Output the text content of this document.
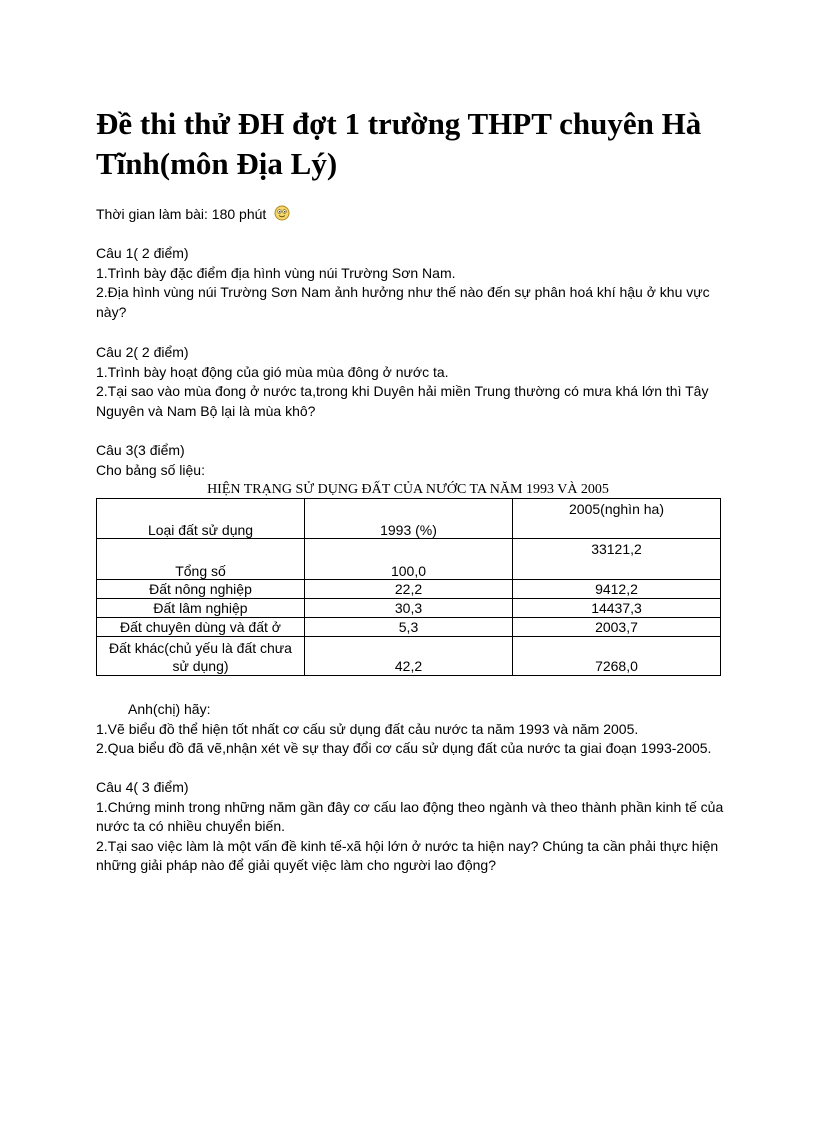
Đề thi thử ĐH đợt 1 trường THPT chuyên Hà Tĩnh(môn Địa Lý)
Thời gian làm bài: 180 phút

Câu 1( 2 điểm)

1.Trình bày đặc điểm địa hình vùng núi Trường Sơn Nam.

2.Địa hình vùng núi Trường Sơn Nam ảnh hưởng như thế nào đến sự phân hoá khí hậu ở khu vực này?

Câu 2( 2 điểm)

1.Trình bày hoạt động của gió mùa mùa đông ở nước ta.

2.Tại sao vào mùa đong ở nước ta,trong khi Duyên hải miền Trung thường có mưa khá lớn thì Tây Nguyên và Nam Bộ lại là mùa khô?

Câu 3(3 điểm)

Cho bảng số liệu:

HIỆN TRẠNG SỬ DỤNG ĐẤT CỦA NƯỚC TA NĂM 1993 VÀ 2005
Loại đất sử dụng	1993 (%)	2005(nghìn ha)
Tổng số	100,0	33121,2
Đất nông nghiệp	22,2	9412,2
Đất lâm nghiệp	30,3	14437,3
Đất chuyên dùng và đất ở	5,3	2003,7
Đất khác(chủ yếu là đất chưa sử dụng)	42,2	7268,0

Anh(chị) hãy:

1.Vẽ biểu đồ thể hiện tốt nhất cơ cấu sử dụng đất cảu nước ta năm 1993 và năm 2005.

2.Qua biểu đồ đã vẽ,nhận xét về sự thay đổi cơ cấu sử dụng đất của nước ta giai đoạn 1993-2005.

Câu 4( 3 điểm)

1.Chứng minh trong những năm gần đây cơ cấu lao động theo ngành và theo thành phần kinh tế của nước ta có nhiều chuyển biến.

2.Tại sao việc làm là một vấn đề kinh tế-xã hội lớn ở nước ta hiện nay? Chúng ta cần phải thực hiện những giải pháp nào để giải quyết việc làm cho người lao động?
